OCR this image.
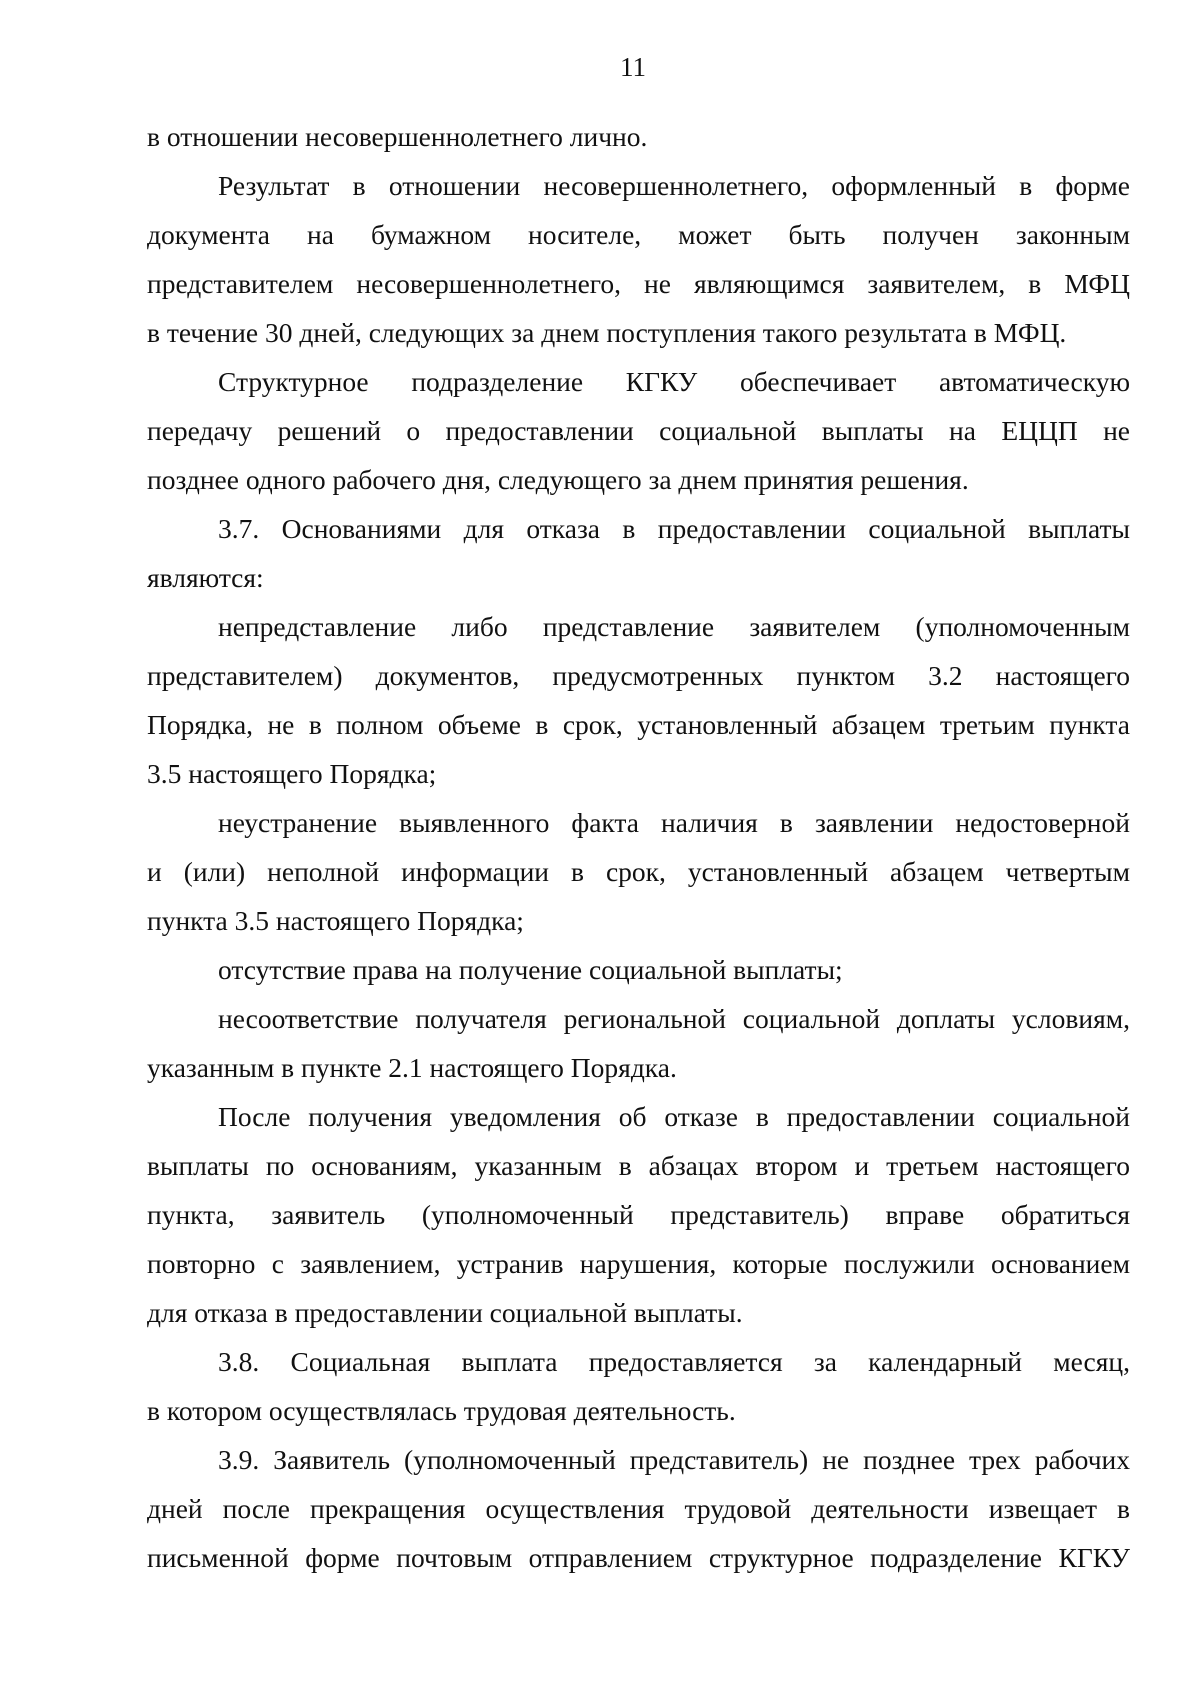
11
в отношении несовершеннолетнего лично.
Результат в отношении несовершеннолетнего, оформленный в форме
документа на бумажном носителе, может быть получен законным
представителем несовершеннолетнего, не являющимся заявителем, в МФЦ
в течение 30 дней, следующих за днем поступления такого результата в МФЦ.
Структурное подразделение КГКУ обеспечивает автоматическую
передачу решений о предоставлении социальной выплаты на ЕЦЦП не
позднее одного рабочего дня, следующего за днем принятия решения.
3.7. Основаниями для отказа в предоставлении социальной выплаты
являются:
непредставление либо представление заявителем (уполномоченным
представителем) документов, предусмотренных пунктом 3.2 настоящего
Порядка, не в полном объеме в срок, установленный абзацем третьим пункта
3.5 настоящего Порядка;
неустранение выявленного факта наличия в заявлении недостоверной
и (или) неполной информации в срок, установленный абзацем четвертым
пункта 3.5 настоящего Порядка;
отсутствие права на получение социальной выплаты;
несоответствие получателя региональной социальной доплаты условиям,
указанным в пункте 2.1 настоящего Порядка.
После получения уведомления об отказе в предоставлении социальной
выплаты по основаниям, указанным в абзацах втором и третьем настоящего
пункта, заявитель (уполномоченный представитель) вправе обратиться
повторно с заявлением, устранив нарушения, которые послужили основанием
для отказа в предоставлении социальной выплаты.
3.8. Социальная выплата предоставляется за календарный месяц,
в котором осуществлялась трудовая деятельность.
3.9. Заявитель (уполномоченный представитель) не позднее трех рабочих
дней после прекращения осуществления трудовой деятельности извещает в
письменной форме почтовым отправлением структурное подразделение КГКУ
